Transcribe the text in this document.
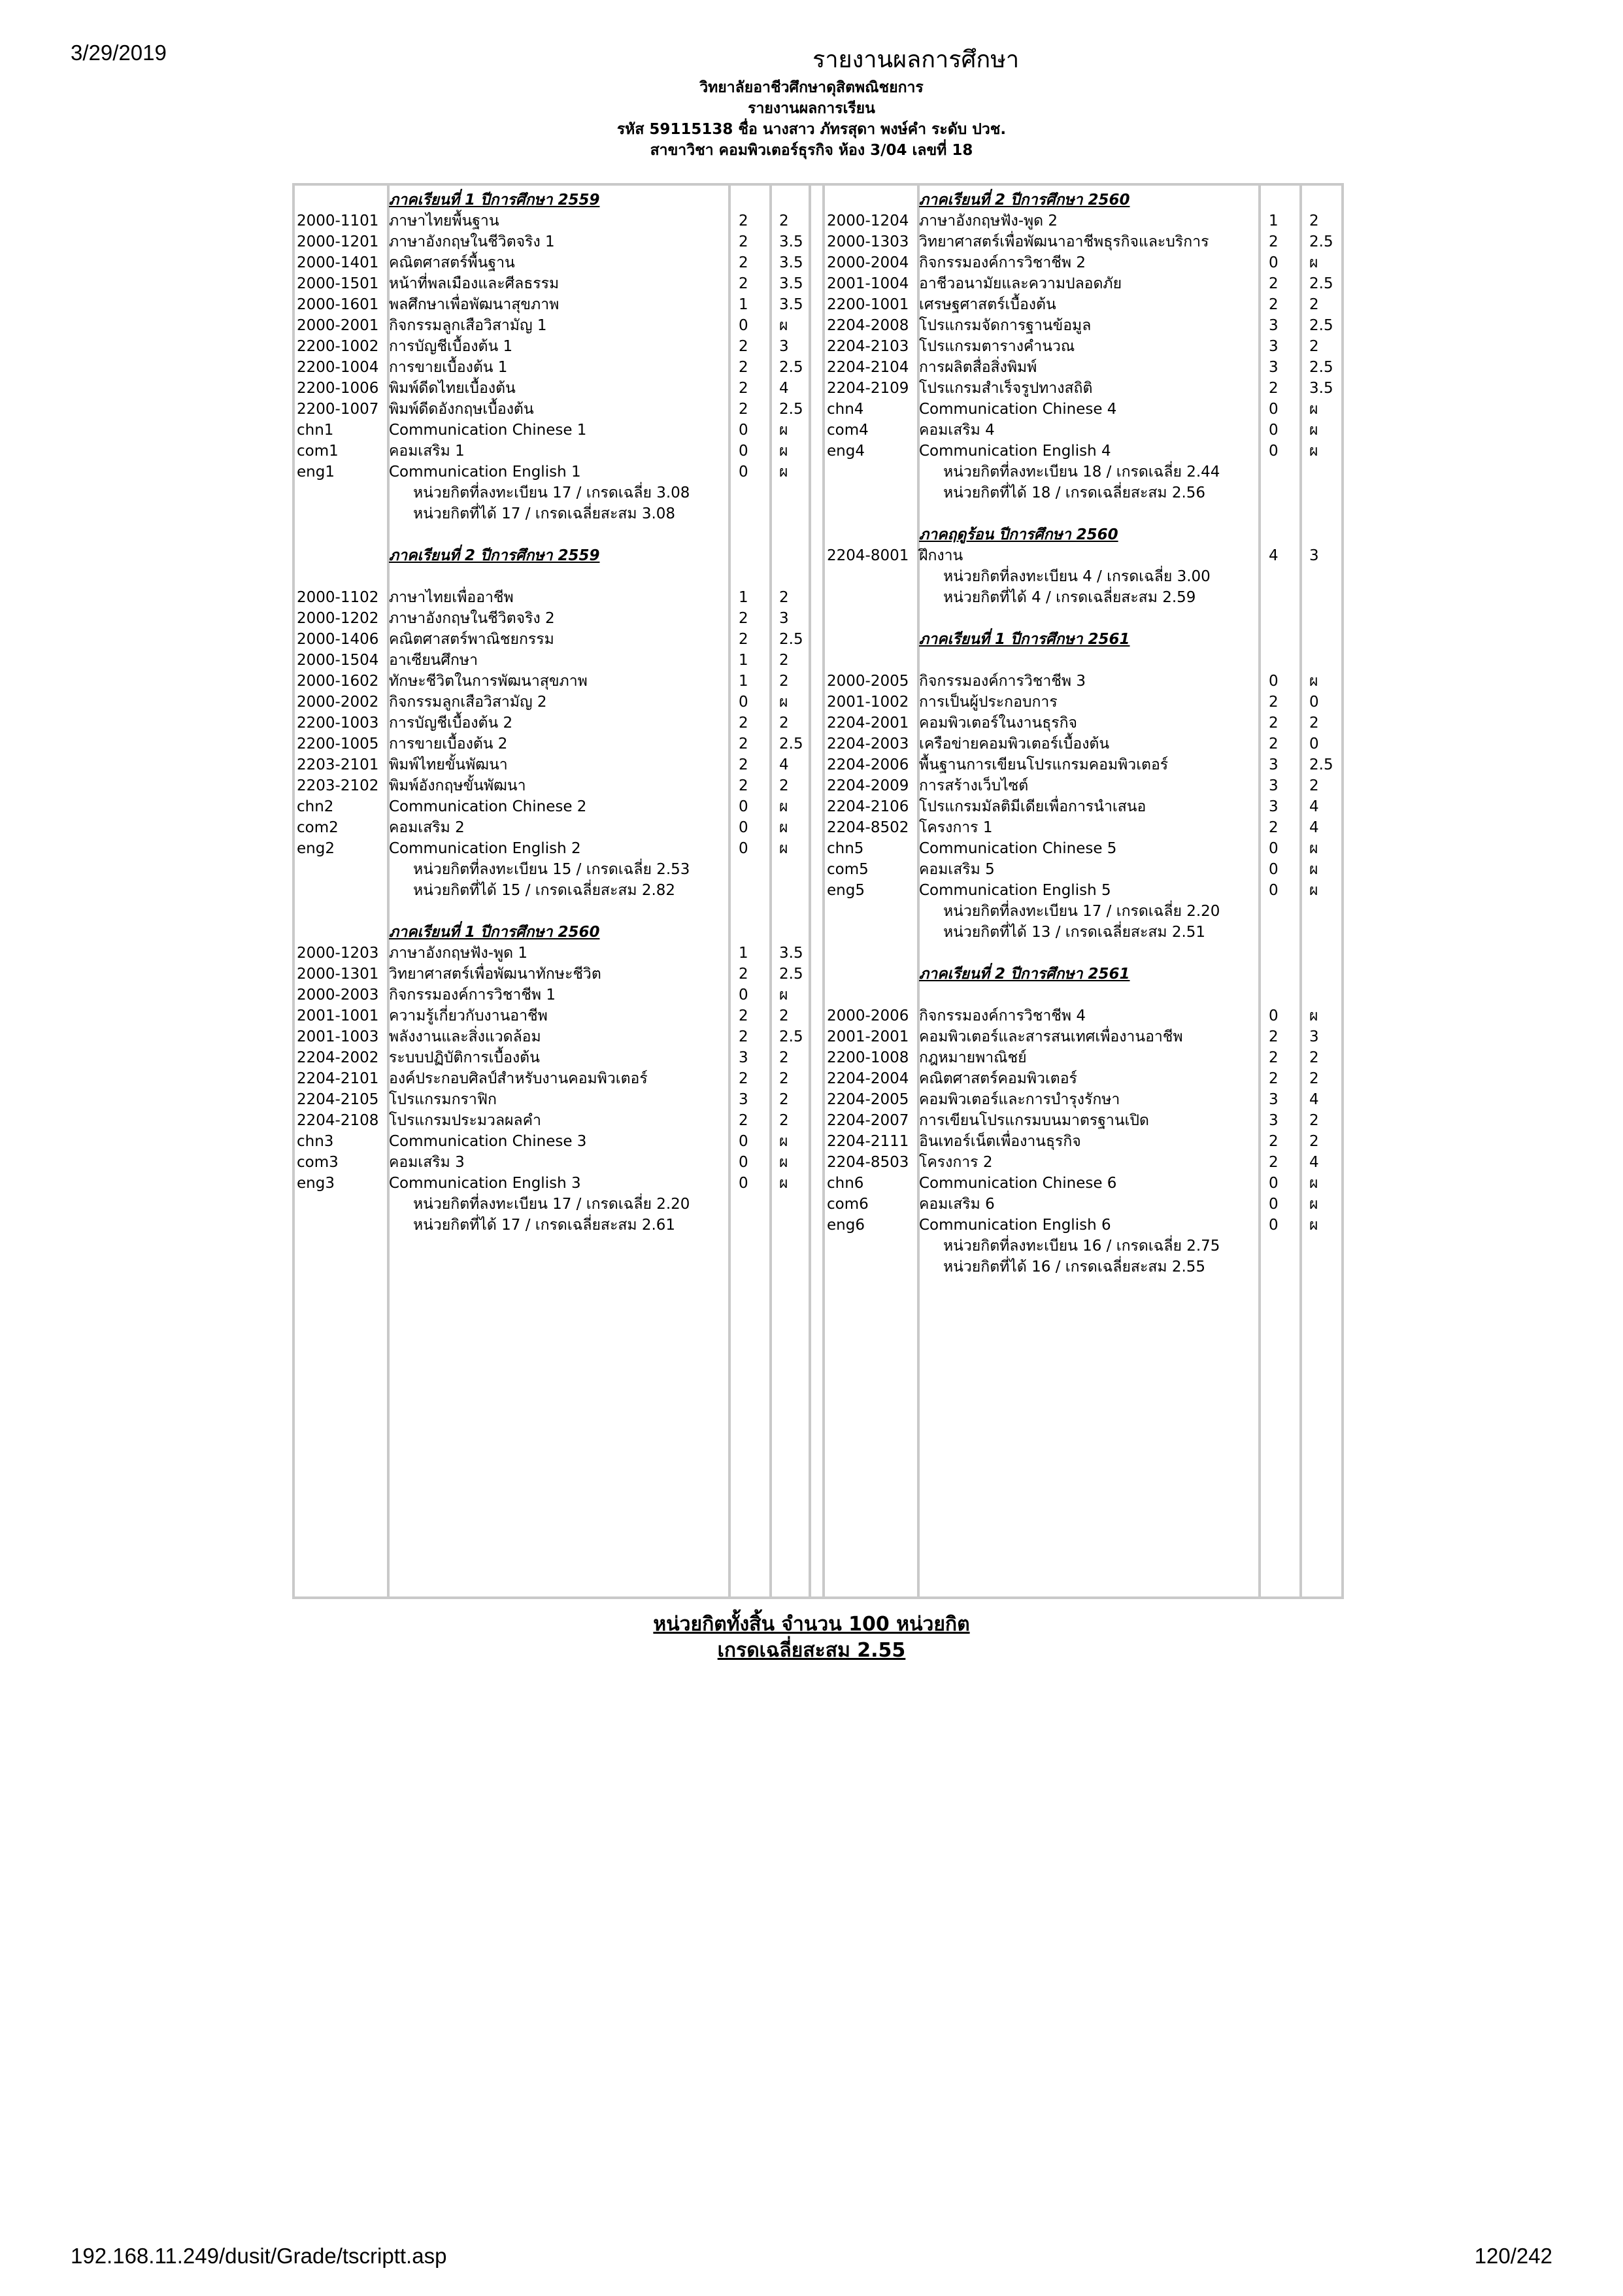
3/29/2019	รายงานผลการศึกษา
วิทยาลัยอาชีวศึกษาดุสิตพณิชยการ
รายงานผลการเรียน
รหัส 59115138 ชื่อ นางสาว ภัทรสุดา พงษ์คำ ระดับ ปวช.
สาขาวิชา คอมพิวเตอร์ธุรกิจ ห้อง 3/04 เลขที่ 18
ภาคเรียนที่ 1 ปีการศึกษา 2559
2000-1101 ภาษาไทยพื้นฐาน	2 2
2000-1201 ภาษาอังกฤษในชีวิตจริง 1	2 3.5
2000-1401 คณิตศาสตร์พื้นฐาน	2 3.5
2000-1501 หน้าที่พลเมืองและศีลธรรม	2 3.5
2000-1601 พลศึกษาเพื่อพัฒนาสุขภาพ	1 3.5
2000-2001 กิจกรรมลูกเสือวิสามัญ 1	0 ผ
2200-1002 การบัญชีเบื้องต้น 1	2 3
2200-1004 การขายเบื้องต้น 1	2 2.5
2200-1006 พิมพ์ดีดไทยเบื้องต้น	2 4
2200-1007 พิมพ์ดีดอังกฤษเบื้องต้น	2 2.5
chn1	Communication Chinese 1	0 ผ
com1	คอมเสริม 1	0 ผ
eng1	Communication English 1	0 ผ
หน่วยกิตที่ลงทะเบียน 17 / เกรดเฉลี่ย 3.08
หน่วยกิตที่ได้ 17 / เกรดเฉลี่ยสะสม 3.08
ภาคเรียนที่ 2 ปีการศึกษา 2559
2000-1102 ภาษาไทยเพื่ออาชีพ	1 2
2000-1202 ภาษาอังกฤษในชีวิตจริง 2	2 3
2000-1406 คณิตศาสตร์พาณิชยกรรม	2 2.5
2000-1504 อาเซียนศึกษา	1 2
2000-1602 ทักษะชีวิตในการพัฒนาสุขภาพ	1 2
2000-2002 กิจกรรมลูกเสือวิสามัญ 2	0 ผ
2200-1003 การบัญชีเบื้องต้น 2	2 2
2200-1005 การขายเบื้องต้น 2	2 2.5
2203-2101 พิมพ์ไทยขั้นพัฒนา	2 4
2203-2102 พิมพ์อังกฤษขั้นพัฒนา	2 2
chn2	Communication Chinese 2	0 ผ
com2	คอมเสริม 2	0 ผ
eng2	Communication English 2	0 ผ
หน่วยกิตที่ลงทะเบียน 15 / เกรดเฉลี่ย 2.53
หน่วยกิตที่ได้ 15 / เกรดเฉลี่ยสะสม 2.82
ภาคเรียนที่ 1 ปีการศึกษา 2560
2000-1203 ภาษาอังกฤษฟัง-พูด 1	1 3.5
2000-1301 วิทยาศาสตร์เพื่อพัฒนาทักษะชีวิต	2 2.5
2000-2003 กิจกรรมองค์การวิชาชีพ 1	0 ผ
2001-1001 ความรู้เกี่ยวกับงานอาชีพ	2 2
2001-1003 พลังงานและสิ่งแวดล้อม	2 2.5
2204-2002 ระบบปฏิบัติการเบื้องต้น	3 2
2204-2101 องค์ประกอบศิลป์สำหรับงานคอมพิวเตอร์	2 2
2204-2105 โปรแกรมกราฟิก	3 2
2204-2108 โปรแกรมประมวลผลคำ	2 2
chn3	Communication Chinese 3	0 ผ
com3	คอมเสริม 3	0 ผ
eng3	Communication English 3	0 ผ
หน่วยกิตที่ลงทะเบียน 17 / เกรดเฉลี่ย 2.20
หน่วยกิตที่ได้ 17 / เกรดเฉลี่ยสะสม 2.61
ภาคเรียนที่ 2 ปีการศึกษา 2560
2000-1204 ภาษาอังกฤษฟัง-พูด 2	1 2
2000-1303 วิทยาศาสตร์เพื่อพัฒนาอาชีพธุรกิจและบริการ	2 2.5
2000-2004 กิจกรรมองค์การวิชาชีพ 2	0 ผ
2001-1004 อาชีวอนามัยและความปลอดภัย	2 2.5
2200-1001 เศรษฐศาสตร์เบื้องต้น	2 2
2204-2008 โปรแกรมจัดการฐานข้อมูล	3 2.5
2204-2103 โปรแกรมตารางคำนวณ	3 2
2204-2104 การผลิตสื่อสิ่งพิมพ์	3 2.5
2204-2109 โปรแกรมสำเร็จรูปทางสถิติ	2 3.5
chn4	Communication Chinese 4	0 ผ
com4	คอมเสริม 4	0 ผ
eng4	Communication English 4	0 ผ
หน่วยกิตที่ลงทะเบียน 18 / เกรดเฉลี่ย 2.44
หน่วยกิตที่ได้ 18 / เกรดเฉลี่ยสะสม 2.56
ภาคฤดูร้อน ปีการศึกษา 2560
2204-8001 ฝึกงาน	4 3
หน่วยกิตที่ลงทะเบียน 4 / เกรดเฉลี่ย 3.00
หน่วยกิตที่ได้ 4 / เกรดเฉลี่ยสะสม 2.59
ภาคเรียนที่ 1 ปีการศึกษา 2561
2000-2005 กิจกรรมองค์การวิชาชีพ 3	0 ผ
2001-1002 การเป็นผู้ประกอบการ	2 0
2204-2001 คอมพิวเตอร์ในงานธุรกิจ	2 2
2204-2003 เครือข่ายคอมพิวเตอร์เบื้องต้น	2 0
2204-2006 พื้นฐานการเขียนโปรแกรมคอมพิวเตอร์	3 2.5
2204-2009 การสร้างเว็บไซต์	3 2
2204-2106 โปรแกรมมัลติมีเดียเพื่อการนำเสนอ	3 4
2204-8502 โครงการ 1	2 4
chn5	Communication Chinese 5	0 ผ
com5	คอมเสริม 5	0 ผ
eng5	Communication English 5	0 ผ
หน่วยกิตที่ลงทะเบียน 17 / เกรดเฉลี่ย 2.20
หน่วยกิตที่ได้ 13 / เกรดเฉลี่ยสะสม 2.51
ภาคเรียนที่ 2 ปีการศึกษา 2561
2000-2006 กิจกรรมองค์การวิชาชีพ 4	0 ผ
2001-2001 คอมพิวเตอร์และสารสนเทศเพื่องานอาชีพ	2 3
2200-1008 กฎหมายพาณิชย์	2 2
2204-2004 คณิตศาสตร์คอมพิวเตอร์	2 2
2204-2005 คอมพิวเตอร์และการบำรุงรักษา	3 4
2204-2007 การเขียนโปรแกรมบนมาตรฐานเปิด	3 2
2204-2111 อินเทอร์เน็ตเพื่องานธุรกิจ	2 2
2204-8503 โครงการ 2	2 4
chn6	Communication Chinese 6	0 ผ
com6	คอมเสริม 6	0 ผ
eng6	Communication English 6	0 ผ
หน่วยกิตที่ลงทะเบียน 16 / เกรดเฉลี่ย 2.75
หน่วยกิตที่ได้ 16 / เกรดเฉลี่ยสะสม 2.55
หน่วยกิตทั้งสิ้น จำนวน 100 หน่วยกิต
เกรดเฉลี่ยสะสม 2.55
192.168.11.249/dusit/Grade/tscriptt.asp	120/242
